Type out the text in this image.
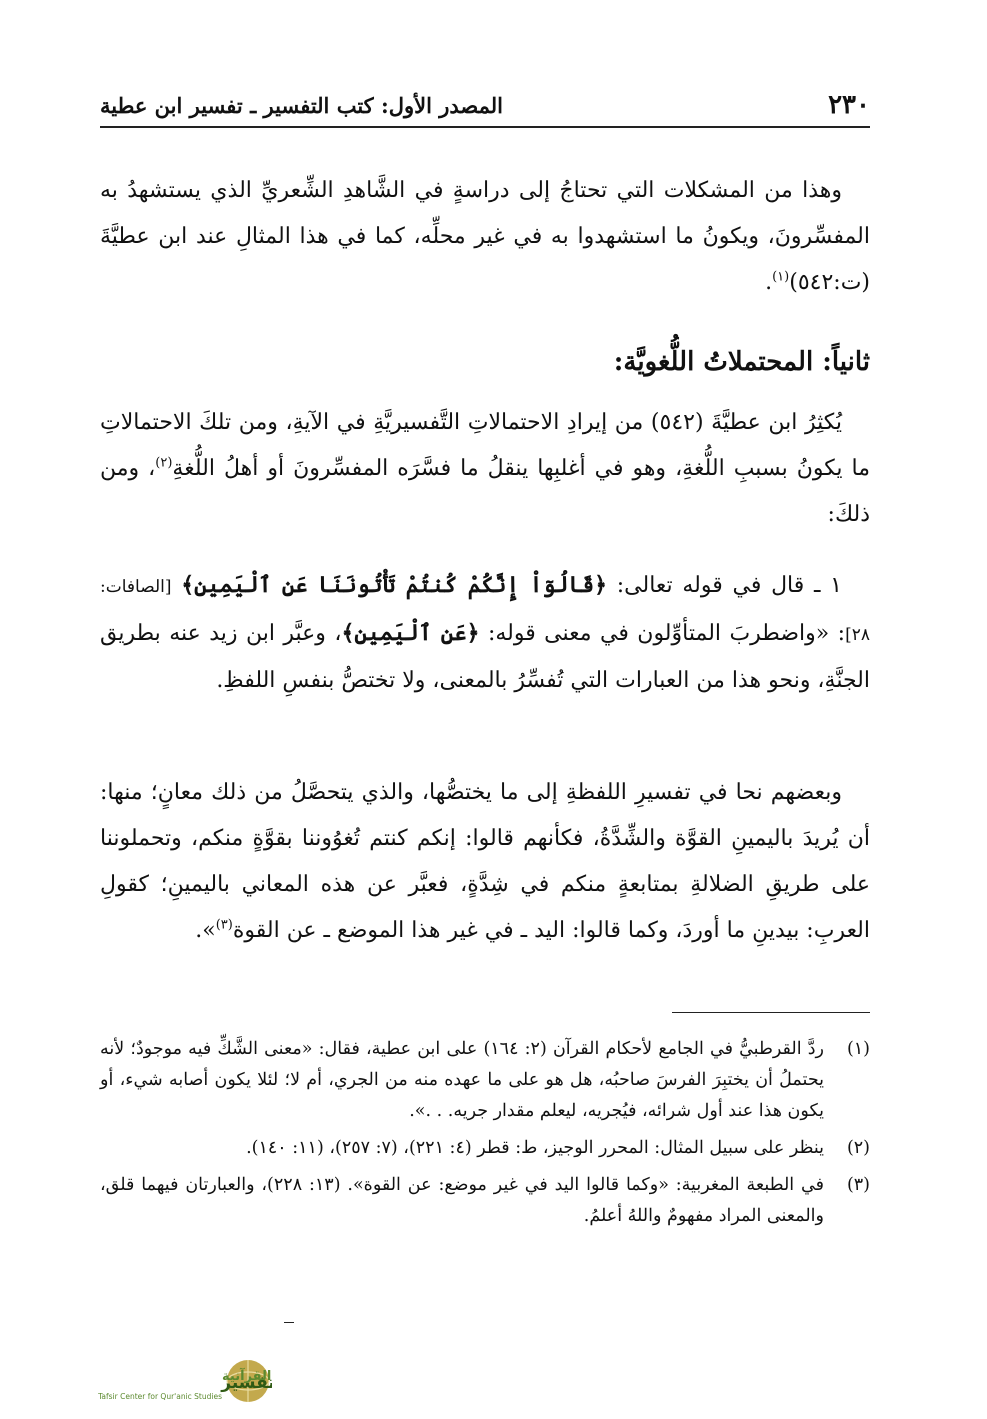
٢٣٠
المصدر الأول: كتب التفسير ـ تفسير ابن عطية

وهذا من المشكلات التي تحتاجُ إلى دراسةٍ في الشَّاهدِ الشِّعريِّ الذي يستشهدُ به المفسِّرونَ، ويكونُ ما استشهدوا به في غير محلِّه، كما في هذا المثالِ عند ابن عطيَّةَ (ت:٥٤٢)$^{(١)}$.

ثانياً: المحتملاتُ اللُّغويَّة:

يُكثِرُ ابن عطيَّةَ (٥٤٢) من إيرادِ الاحتمالاتِ التَّفسيريَّةِ في الآيةِ، ومن تلكَ الاحتمالاتِ ما يكونُ بسببِ اللُّغةِ، وهو في أغلبِها ينقلُ ما فسَّرَه المفسِّرونَ أو أهلُ اللُّغةِ$^{(٢)}$، ومن ذلكَ:

١ ـ قال في قوله تعالى: ﴿قَالُوٓاْ إِنَّكُمْ كُنتُمْ تَأْتُونَنَا عَنِ ٱلْيَمِينِ﴾ [الصافات: ٢٨]: «واضطربَ المتأوِّلون في معنى قوله: ﴿عَنِ ٱلْيَمِينِ﴾، وعبَّر ابن زيد عنه بطريق الجنَّةِ، ونحو هذا من العبارات التي تُفسِّرُ بالمعنى، ولا تختصُّ بنفسِ اللفظِ.

وبعضهم نحا في تفسيرِ اللفظةِ إلى ما يختصُّها، والذي يتحصَّلُ من ذلك معانٍ؛ منها: أن يُريدَ باليمينِ القوَّة والشِّدَّةُ، فكأنهم قالوا: إنكم كنتم تُغوُوننا بقوَّةٍ منكم، وتحملوننا على طريقِ الضلالةِ بمتابعةٍ منكم في شِدَّةٍ، فعبَّر عن هذه المعاني باليمينِ؛ كقولِ العربِ: بيدينِ ما أوردَ، وكما قالوا: اليد ـ في غير هذا الموضع ـ عن القوة$^{(٣)}$».

(١)
ردَّ القرطبيُّ في الجامع لأحكام القرآن (٢: ١٦٤) على ابن عطية، فقال: «معنى الشَّكِّ فيه موجودٌ؛ لأنه يحتملُ أن يختبِرَ الفرسَ صاحبُه، هل هو على ما عهده منه من الجري، أم لا؛ لئلا يكون أصابه شيء، أو يكون هذا عند أول شرائه، فيُجريه، ليعلم مقدار جريه. . .».
(٢)
ينظر على سبيل المثال: المحرر الوجيز، ط: قطر (٤: ٢٢١)، (٧: ٢٥٧)، (١١: ١٤٠).
(٣)
في الطبعة المغربية: «وكما قالوا اليد في غير موضع: عن القوة». (١٣: ٢٢٨)، والعبارتان فيهما قلق، والمعنى المراد مفهومٌ واللهُ أعلمُ.
تفسير
القرآنية
Tafsir Center for Qur'anic Studies
